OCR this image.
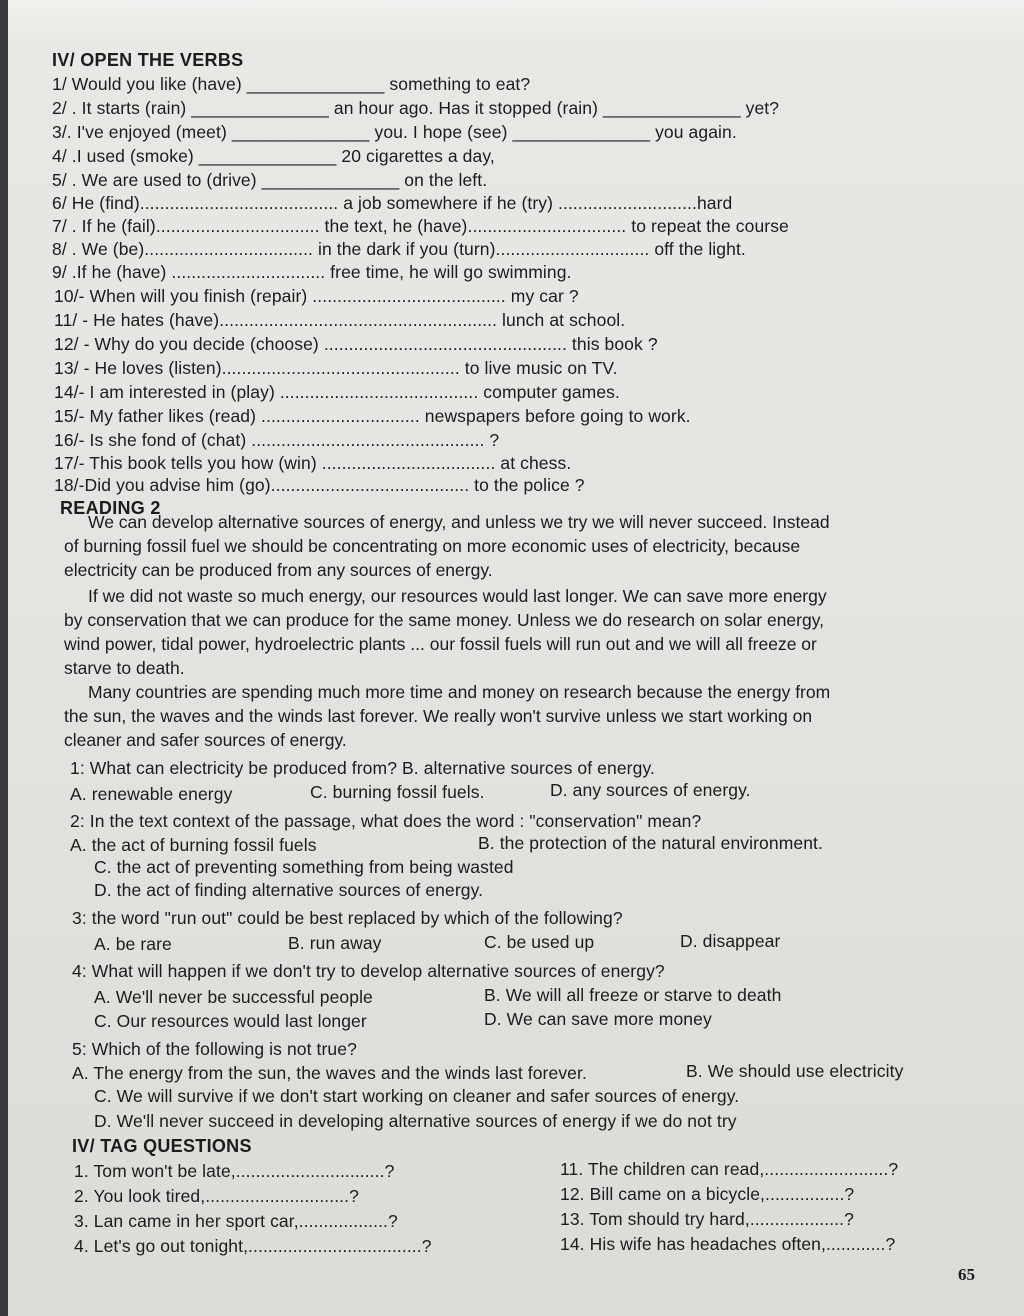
IV/ OPEN THE VERBS
1/ Would you like (have) ______________ something to eat?
2/ . It starts (rain) ______________ an hour ago. Has it stopped (rain) ______________ yet?
3/. I've enjoyed (meet) ______________ you. I hope (see) ______________ you again.
4/ .I used (smoke) ______________ 20 cigarettes a day,
5/ . We are used to (drive) ______________ on the left.
6/ He (find)........................................ a job somewhere if he (try) ............................hard
7/ . If he (fail)................................. the text, he (have)................................ to repeat the course
8/ . We (be).................................. in the dark if you (turn)............................... off the light.
9/ .If he (have) ............................... free time, he will go swimming.
10/- When will you finish (repair) ....................................... my car ?
11/ - He hates (have)........................................................ lunch at school.
12/ - Why do you decide (choose) ................................................. this book ?
13/ - He loves (listen)................................................ to live music on TV.
14/- I am interested in (play) ........................................ computer games.
15/- My father likes (read) ................................ newspapers before going to work.
16/- Is she fond of (chat) ............................................... ?
17/- This book tells you how (win) ................................... at chess.
18/-Did you advise him (go)........................................ to the police ?
READING 2
We can develop alternative sources of energy, and unless we try we will never succeed. Instead
of burning fossil fuel we should be concentrating on more economic uses of electricity, because
electricity can be produced from any sources of energy.
If we did not waste so much energy, our resources would last longer. We can save more energy
by conservation that we can produce for the same money. Unless we do research on solar energy,
wind power, tidal power, hydroelectric plants ... our fossil fuels will run out and we will all freeze or
starve to death.
Many countries are spending much more time and money on research because the energy from
the sun, the waves and the winds last forever. We really won't survive unless we start working on
cleaner and safer sources of energy.
1: What can electricity be produced from? B. alternative sources of energy.
A. renewable energy	C. burning fossil fuels.	D. any sources of energy.
2: In the text context of the passage, what does the word : "conservation" mean?
A. the act of burning fossil fuels	B. the protection of the natural environment.
C. the act of preventing something from being wasted
D. the act of finding alternative sources of energy.
3: the word "run out" could be best replaced by which of the following?
A. be rare	B. run away	C. be used up	D. disappear
4: What will happen if we don't try to develop alternative sources of energy?
A. We'll never be successful people	B. We will all freeze or starve to death
C. Our resources would last longer	D. We can save more money
5: Which of the following is not true?
A. The energy from the sun, the waves and the winds last forever.	B. We should use electricity
C. We will survive if we don't start working on cleaner and safer sources of energy.
D. We'll never succeed in developing alternative sources of energy if we do not try
IV/ TAG QUESTIONS
1. Tom won't be late,..............................?
2. You look tired,.............................?
3. Lan came in her sport car,..................?
4. Let's go out tonight,...................................?
11. The children can read,.........................?
12. Bill came on a bicycle,................?
13. Tom should try hard,...................?
14. His wife has headaches often,............?
65
